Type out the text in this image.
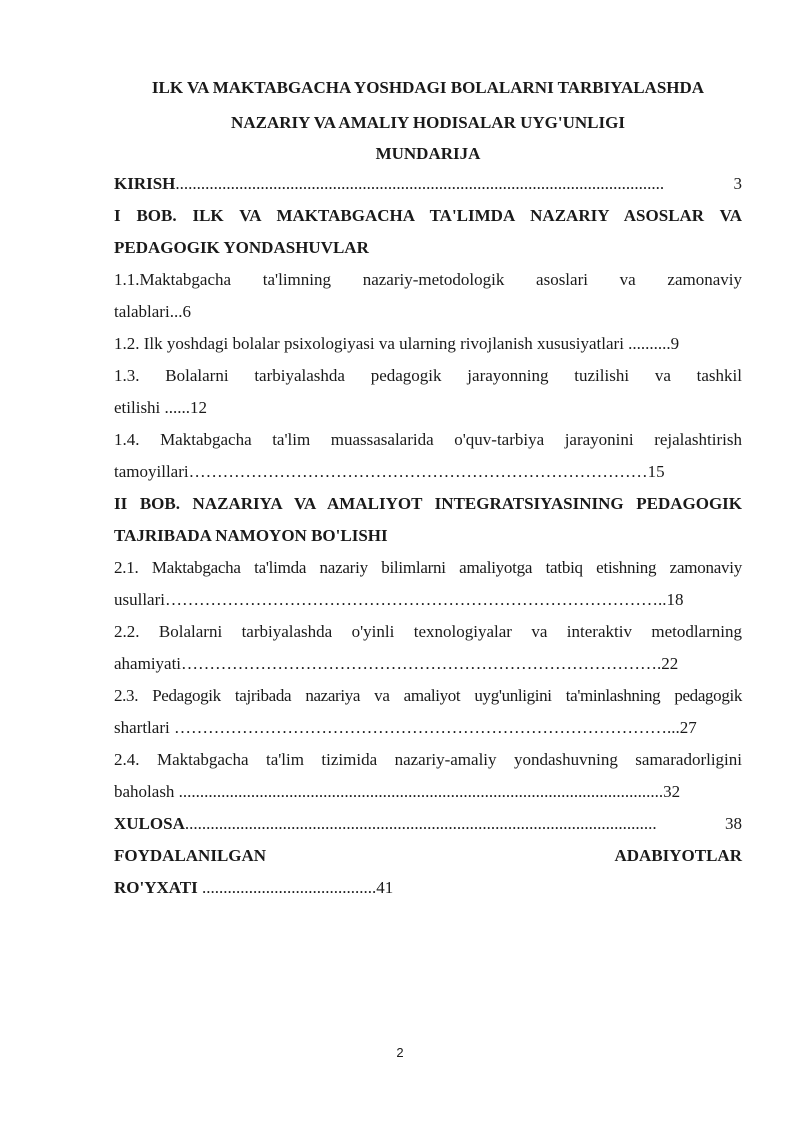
ILK VA MAKTABGACHA YOSHDAGI BOLALARNI TARBIYALASHDA

NAZARIY VA AMALIY HODISALAR UYG'UNLIGI

MUNDARIJA

KIRISH...................................................................................................................	3

I BOB. ILK VA MAKTABGACHA TA'LIMDA NAZARIY ASOSLAR VA PEDAGOGIK YONDASHUVLAR

1.1.Maktabgacha ta'limning nazariy-metodologik asoslari va zamonaviy

talablari...6

1.2. Ilk yoshdagi bolalar psixologiyasi va ularning rivojlanish xususiyatlari ..........9

1.3. Bolalarni tarbiyalashda pedagogik jarayonning tuzilishi va tashkil

etilishi ......12

1.4. Maktabgacha ta'lim muassasalarida o'quv-tarbiya jarayonini rejalashtirish

tamoyillari………………………………………………………………………15

II BOB. NAZARIYA VA AMALIYOT INTEGRATSIYASINING PEDAGOGIK TAJRIBADA NAMOYON BO'LISHI

2.1. Maktabgacha ta'limda nazariy bilimlarni amaliyotga tatbiq etishning zamonaviy

usullari……………………………………………………………………………..18

2.2. Bolalarni tarbiyalashda o'yinli texnologiyalar va interaktiv metodlarning

ahamiyati………………………………………………………………………….22

2.3. Pedagogik tajribada nazariya va amaliyot uyg'unligini ta'minlashning pedagogik

shartlari ……………………………………………………………………………...27

2.4. Maktabgacha ta'lim tizimida nazariy-amaliy yondashuvning samaradorligini

baholash ..................................................................................................................32

XULOSA...............................................................................................................	38
FOYDALANILGAN	ADABIYOTLAR

RO'YXATI .........................................41

2
